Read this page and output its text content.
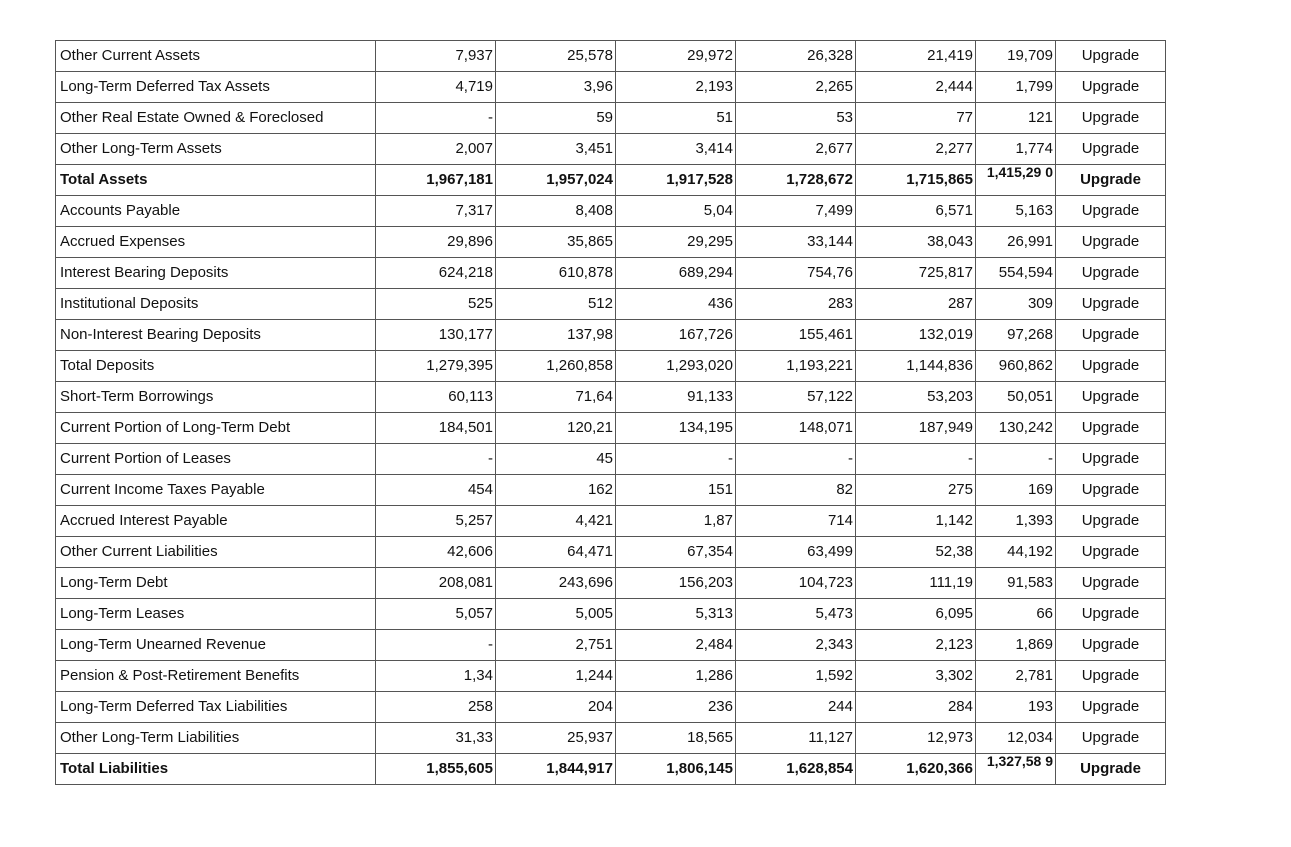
Other Current Assets	7,937	25,578	29,972	26,328	21,419	19,709	Upgrade
Long-Term Deferred Tax Assets	4,719	3,96	2,193	2,265	2,444	1,799	Upgrade
Other Real Estate Owned & Foreclosed	-	59	51	53	77	121	Upgrade
Other Long-Term Assets	2,007	3,451	3,414	2,677	2,277	1,774	Upgrade
Total Assets	1,967,181	1,957,024	1,917,528	1,728,672	1,715,865	1,415,29 0	Upgrade
Accounts Payable	7,317	8,408	5,04	7,499	6,571	5,163	Upgrade
Accrued Expenses	29,896	35,865	29,295	33,144	38,043	26,991	Upgrade
Interest Bearing Deposits	624,218	610,878	689,294	754,76	725,817	554,594	Upgrade
Institutional Deposits	525	512	436	283	287	309	Upgrade
Non-Interest Bearing Deposits	130,177	137,98	167,726	155,461	132,019	97,268	Upgrade
Total Deposits	1,279,395	1,260,858	1,293,020	1,193,221	1,144,836	960,862	Upgrade
Short-Term Borrowings	60,113	71,64	91,133	57,122	53,203	50,051	Upgrade
Current Portion of Long-Term Debt	184,501	120,21	134,195	148,071	187,949	130,242	Upgrade
Current Portion of Leases	-	45	-	-	-	-	Upgrade
Current Income Taxes Payable	454	162	151	82	275	169	Upgrade
Accrued Interest Payable	5,257	4,421	1,87	714	1,142	1,393	Upgrade
Other Current Liabilities	42,606	64,471	67,354	63,499	52,38	44,192	Upgrade
Long-Term Debt	208,081	243,696	156,203	104,723	111,19	91,583	Upgrade
Long-Term Leases	5,057	5,005	5,313	5,473	6,095	66	Upgrade
Long-Term Unearned Revenue	-	2,751	2,484	2,343	2,123	1,869	Upgrade
Pension & Post-Retirement Benefits	1,34	1,244	1,286	1,592	3,302	2,781	Upgrade
Long-Term Deferred Tax Liabilities	258	204	236	244	284	193	Upgrade
Other Long-Term Liabilities	31,33	25,937	18,565	11,127	12,973	12,034	Upgrade
Total Liabilities	1,855,605	1,844,917	1,806,145	1,628,854	1,620,366	1,327,58 9	Upgrade
